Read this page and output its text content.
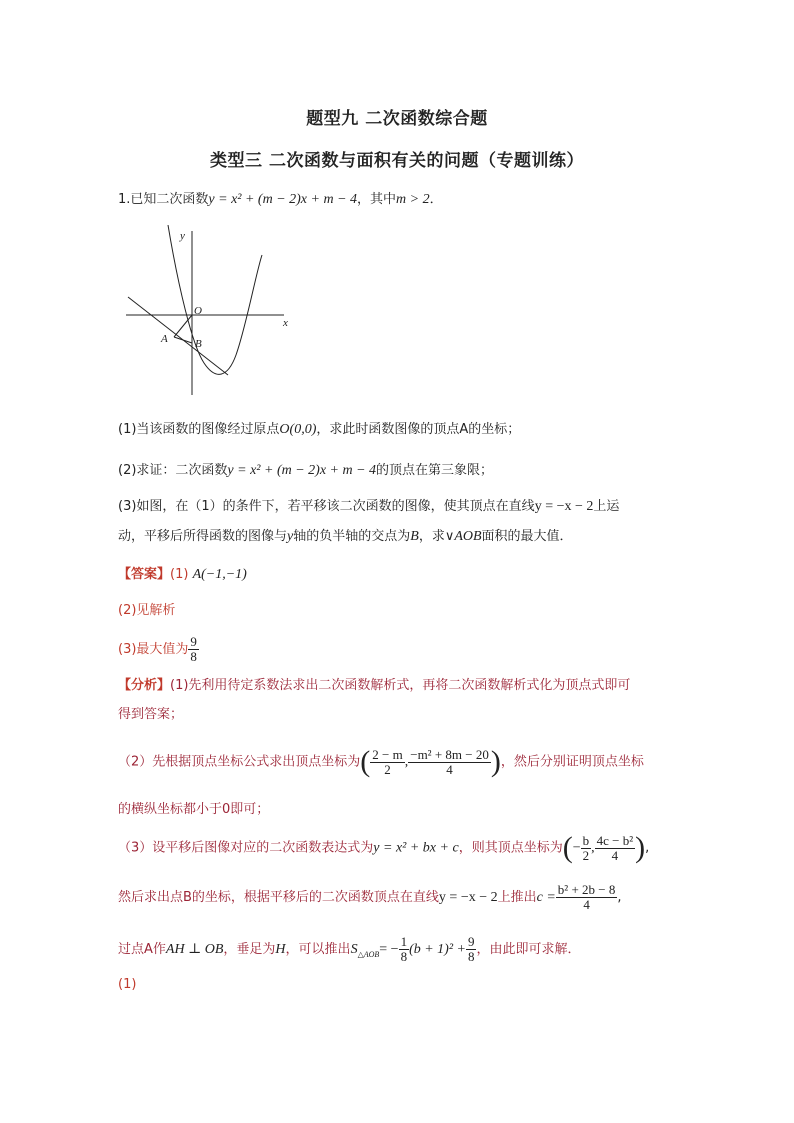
题型九 二次函数综合题
类型三 二次函数与面积有关的问题（专题训练）
1.已知二次函数y = x² + (m − 2)x + m − 4，其中m > 2．
y
x
O
A B
(1)当该函数的图像经过原点O(0,0)，求此时函数图像的顶点A的坐标；
(2)求证：二次函数y = x² + (m − 2)x + m − 4的顶点在第三象限；
(3)如图，在（1）的条件下，若平移该二次函数的图像，使其顶点在直线y = −x − 2上运
动，平移后所得函数的图像与y轴的负半轴的交点为B，求∨AOB面积的最大值．
【答案】(1) A(−1,−1)
(2)见解析
(3)最大值为 $\frac{9}{8}$
【分析】(1)先利用待定系数法求出二次函数解析式，再将二次函数解析式化为顶点式即可
得到答案；
（2）先根据顶点坐标公式求出顶点坐标为( $\frac{2 - m}{2}$ , $\frac{\text{−m² + 8m − 20}}{4}$ )，然后分别证明顶点坐标
的横纵坐标都小于0即可；
（3）设平移后图像对应的二次函数表达式为y = x² + bx + c，则其顶点坐标为(− $\frac{b}{2}$ , $\frac{\text{4c − b²}}{4}$ ),
然后求出点B的坐标，根据平移后的二次函数顶点在直线y = −x − 2上推出$c = \frac{\text{b² + 2b − 8}}{4}$ ,
过点A作AH ⊥ OB，垂足为H，可以推出$S_{\triangle AOB}= - \frac{1}{8} (b + 1)^2 + \frac{9}{8}$ ，由此即可求解．
(1)
